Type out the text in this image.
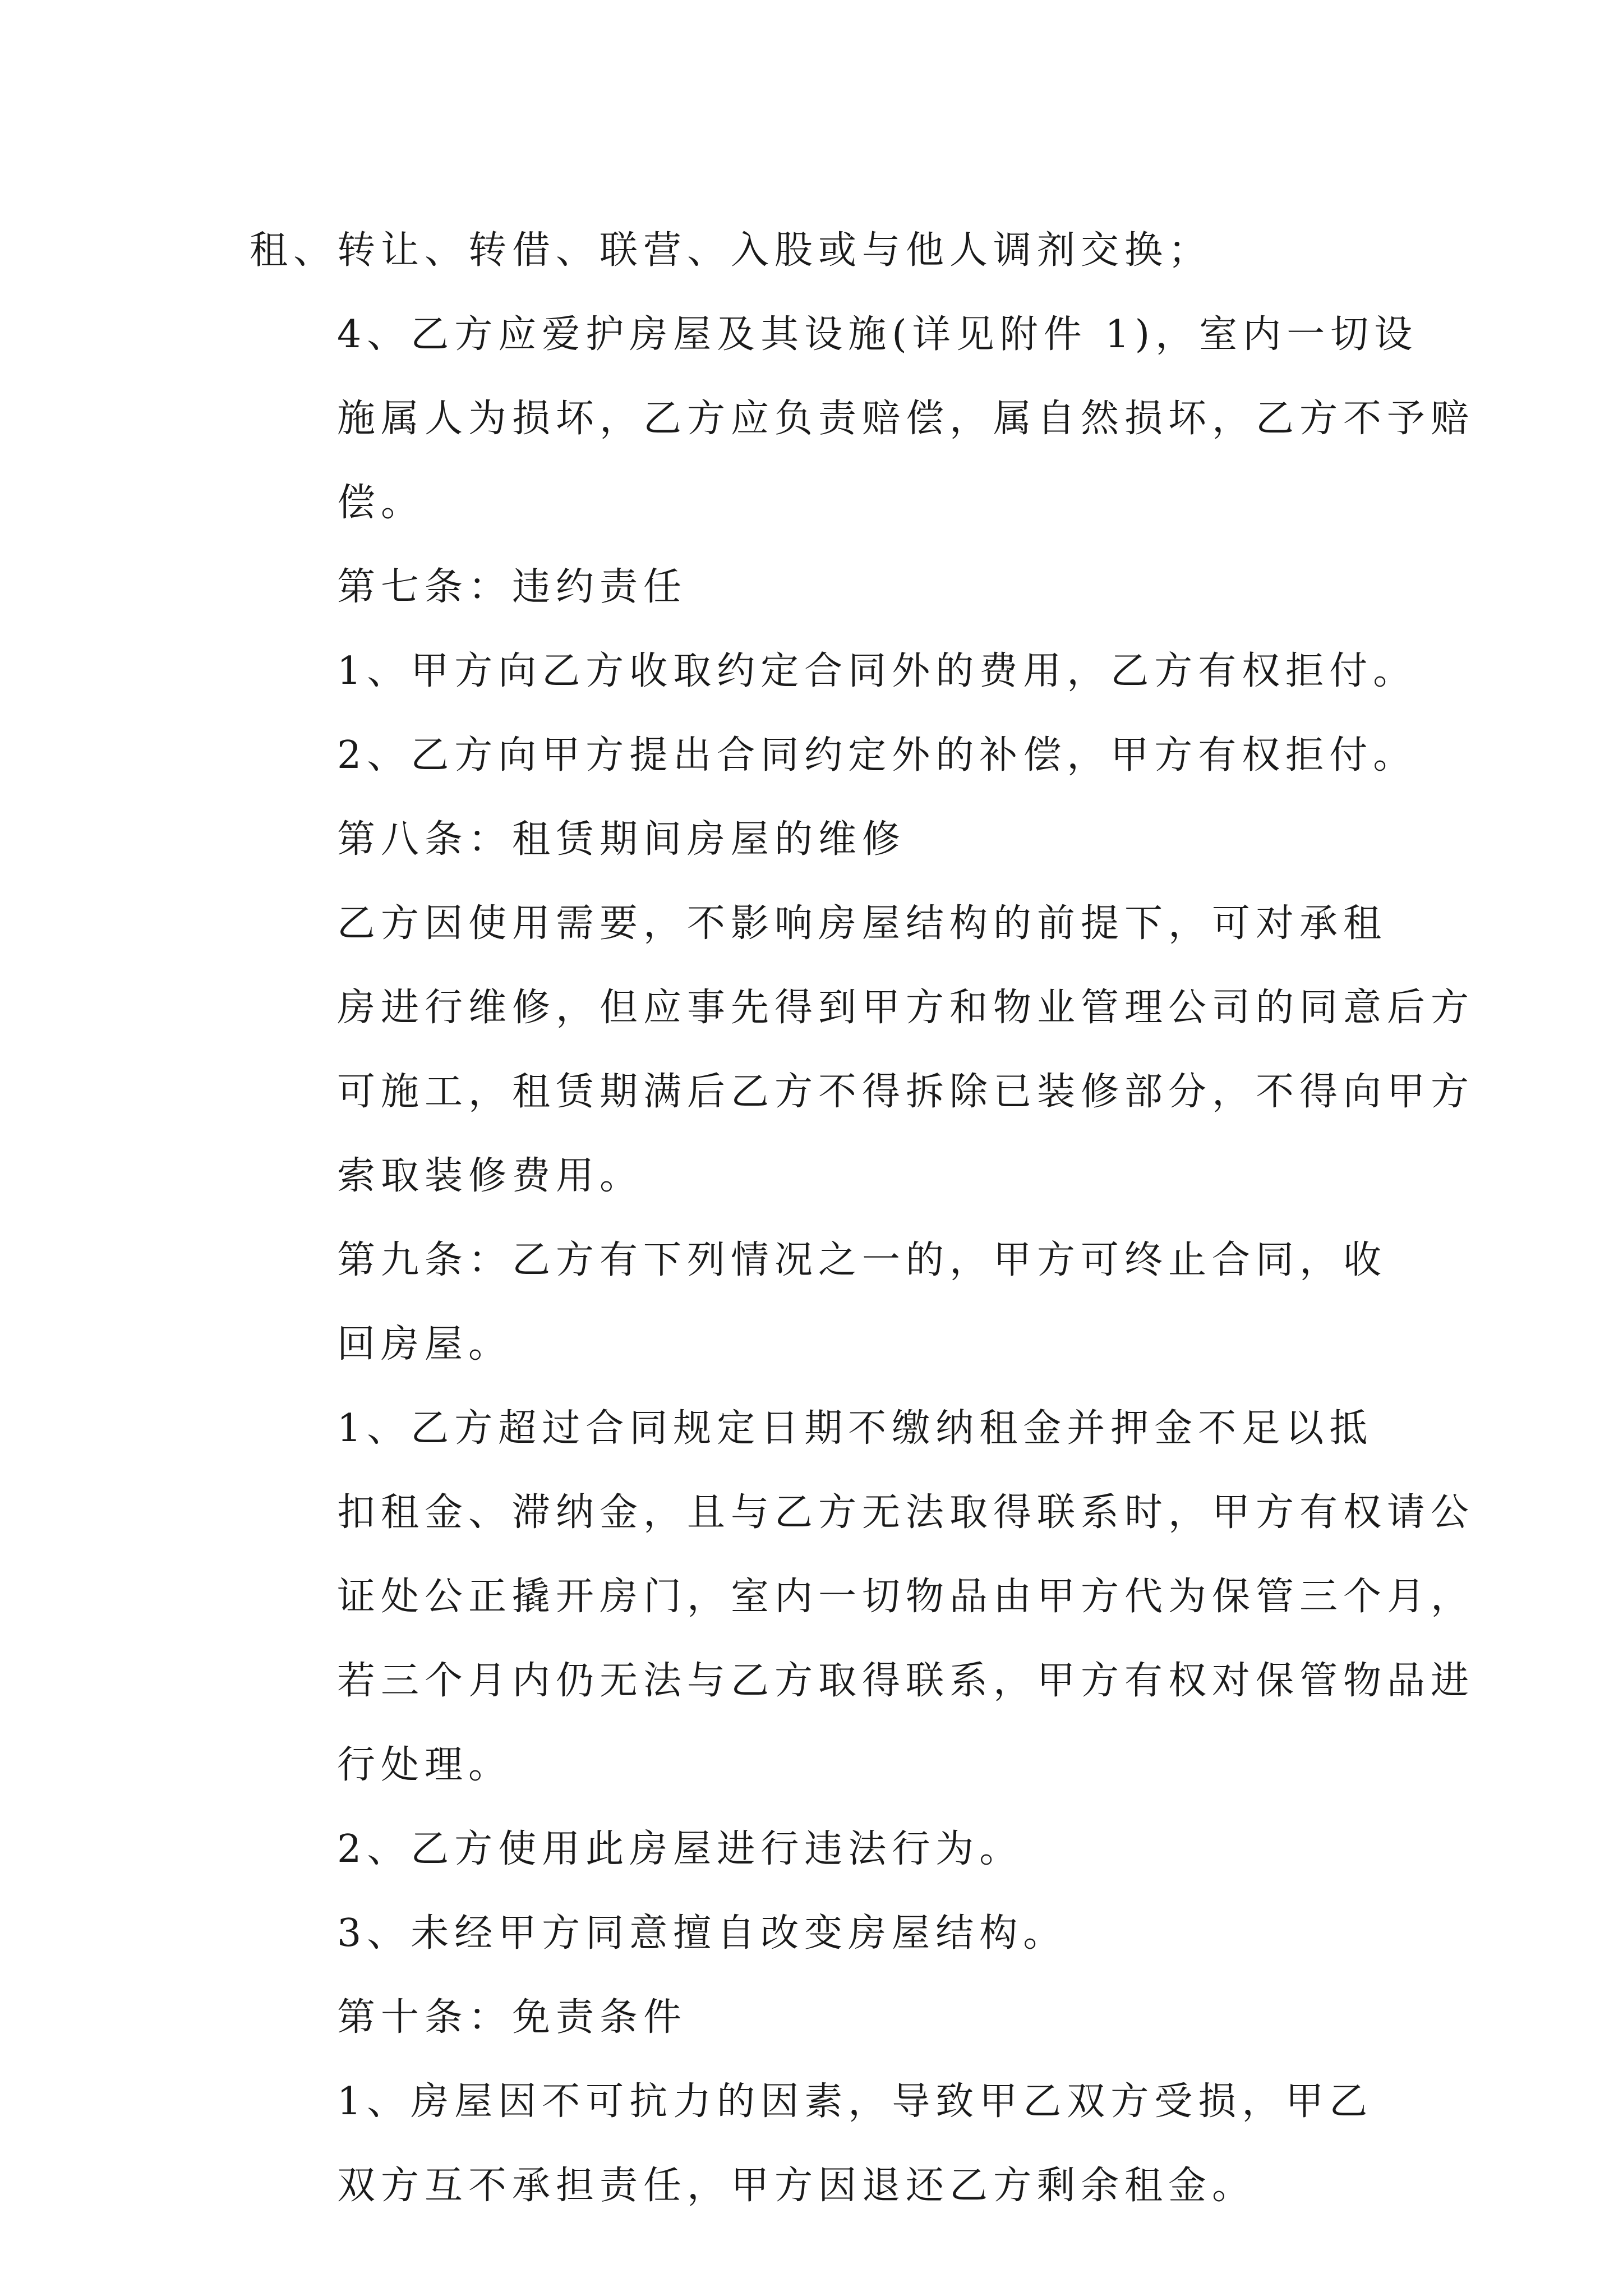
租、转让、转借、联营、入股或与他人调剂交换；

4、乙方应爱护房屋及其设施(详见附件 1)，室内一切设
施属人为损坏，乙方应负责赔偿，属自然损坏，乙方不予赔
偿。

第七条：违约责任

1、甲方向乙方收取约定合同外的费用，乙方有权拒付。

2、乙方向甲方提出合同约定外的补偿，甲方有权拒付。

第八条：租赁期间房屋的维修

乙方因使用需要，不影响房屋结构的前提下，可对承租
房进行维修，但应事先得到甲方和物业管理公司的同意后方
可施工，租赁期满后乙方不得拆除已装修部分，不得向甲方
索取装修费用。

第九条：乙方有下列情况之一的，甲方可终止合同，收
回房屋。

1、乙方超过合同规定日期不缴纳租金并押金不足以抵
扣租金、滞纳金，且与乙方无法取得联系时，甲方有权请公
证处公正撬开房门，室内一切物品由甲方代为保管三个月，
若三个月内仍无法与乙方取得联系，甲方有权对保管物品进
行处理。

2、乙方使用此房屋进行违法行为。

3、未经甲方同意擅自改变房屋结构。

第十条：免责条件

1、房屋因不可抗力的因素，导致甲乙双方受损，甲乙
双方互不承担责任，甲方因退还乙方剩余租金。
